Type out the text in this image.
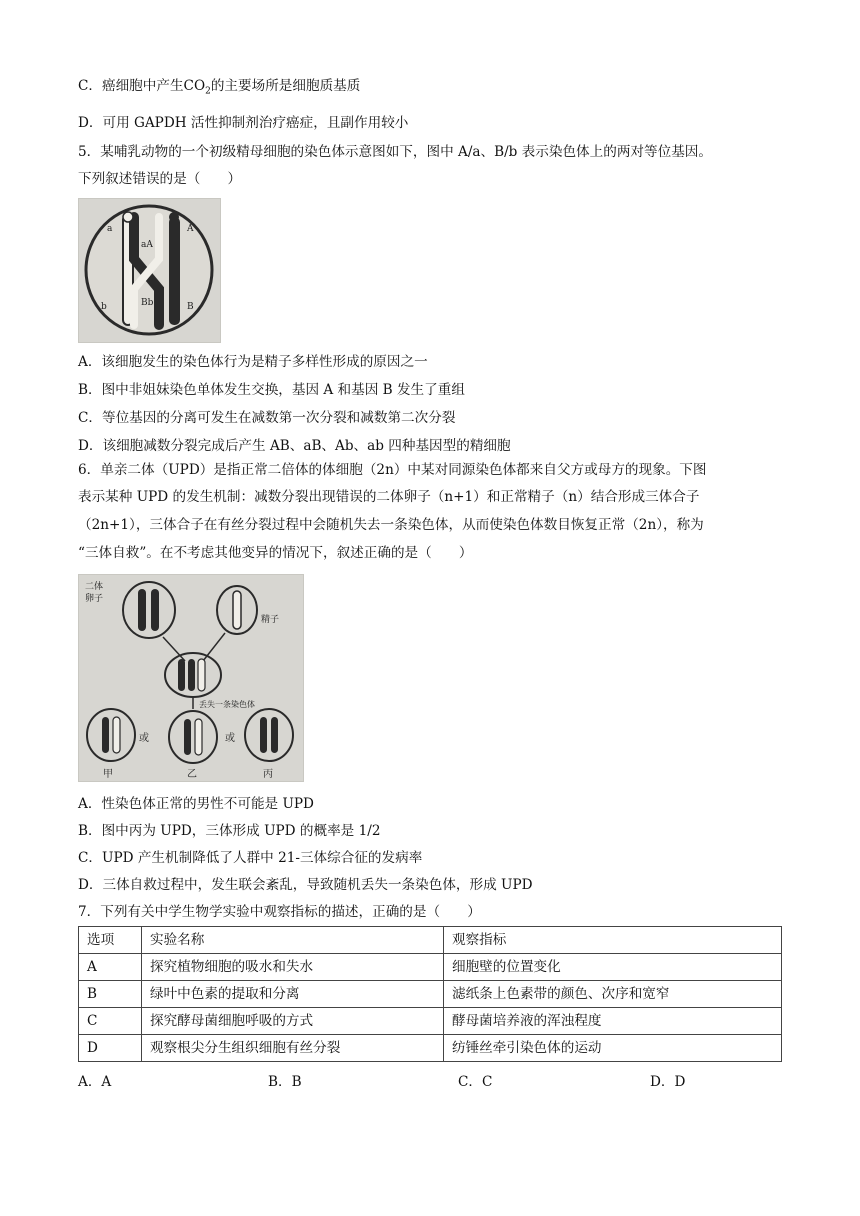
C．癌细胞中产生$CO_2$的主要场所是细胞质基质
D．可用 GAPDH 活性抑制剂治疗癌症，且副作用较小
5．某哺乳动物的一个初级精母细胞的染色体示意图如下，图中 A/a、B/b 表示染色体上的两对等位基因。
下列叙述错误的是（　　）
a
aA
A
b	Bb	B
A．该细胞发生的染色体行为是精子多样性形成的原因之一
B．图中非姐妹染色单体发生交换，基因 A 和基因 B 发生了重组
C．等位基因的分离可发生在减数第一次分裂和减数第二次分裂
D．该细胞减数分裂完成后产生 AB、aB、Ab、ab 四种基因型的精细胞
6．单亲二体（UPD）是指正常二倍体的体细胞（2n）中某对同源染色体都来自父方或母方的现象。下图
表示某种 UPD 的发生机制：减数分裂出现错误的二体卵子（n+1）和正常精子（n）结合形成三体合子
（2n+1），三体合子在有丝分裂过程中会随机失去一条染色体，从而使染色体数目恢复正常（2n），称为
“三体自救”。在不考虑其他变异的情况下，叙述正确的是（　　）
二体
卵子
精子
丢失一条染色体
或	或
甲	乙	丙
A．性染色体正常的男性不可能是 UPD
B．图中丙为 UPD，三体形成 UPD 的概率是 1/2
C．UPD 产生机制降低了人群中 21-三体综合征的发病率
D．三体自救过程中，发生联会紊乱，导致随机丢失一条染色体，形成 UPD
7．下列有关中学生物学实验中观察指标的描述，正确的是（　　）
选项	实验名称	观察指标
A	探究植物细胞的吸水和失水	细胞壁的位置变化
B	绿叶中色素的提取和分离	滤纸条上色素带的颜色、次序和宽窄
C	探究酵母菌细胞呼吸的方式	酵母菌培养液的浑浊程度
D	观察根尖分生组织细胞有丝分裂	纺锤丝牵引染色体的运动
A．A	B．B	C．C	D．D
